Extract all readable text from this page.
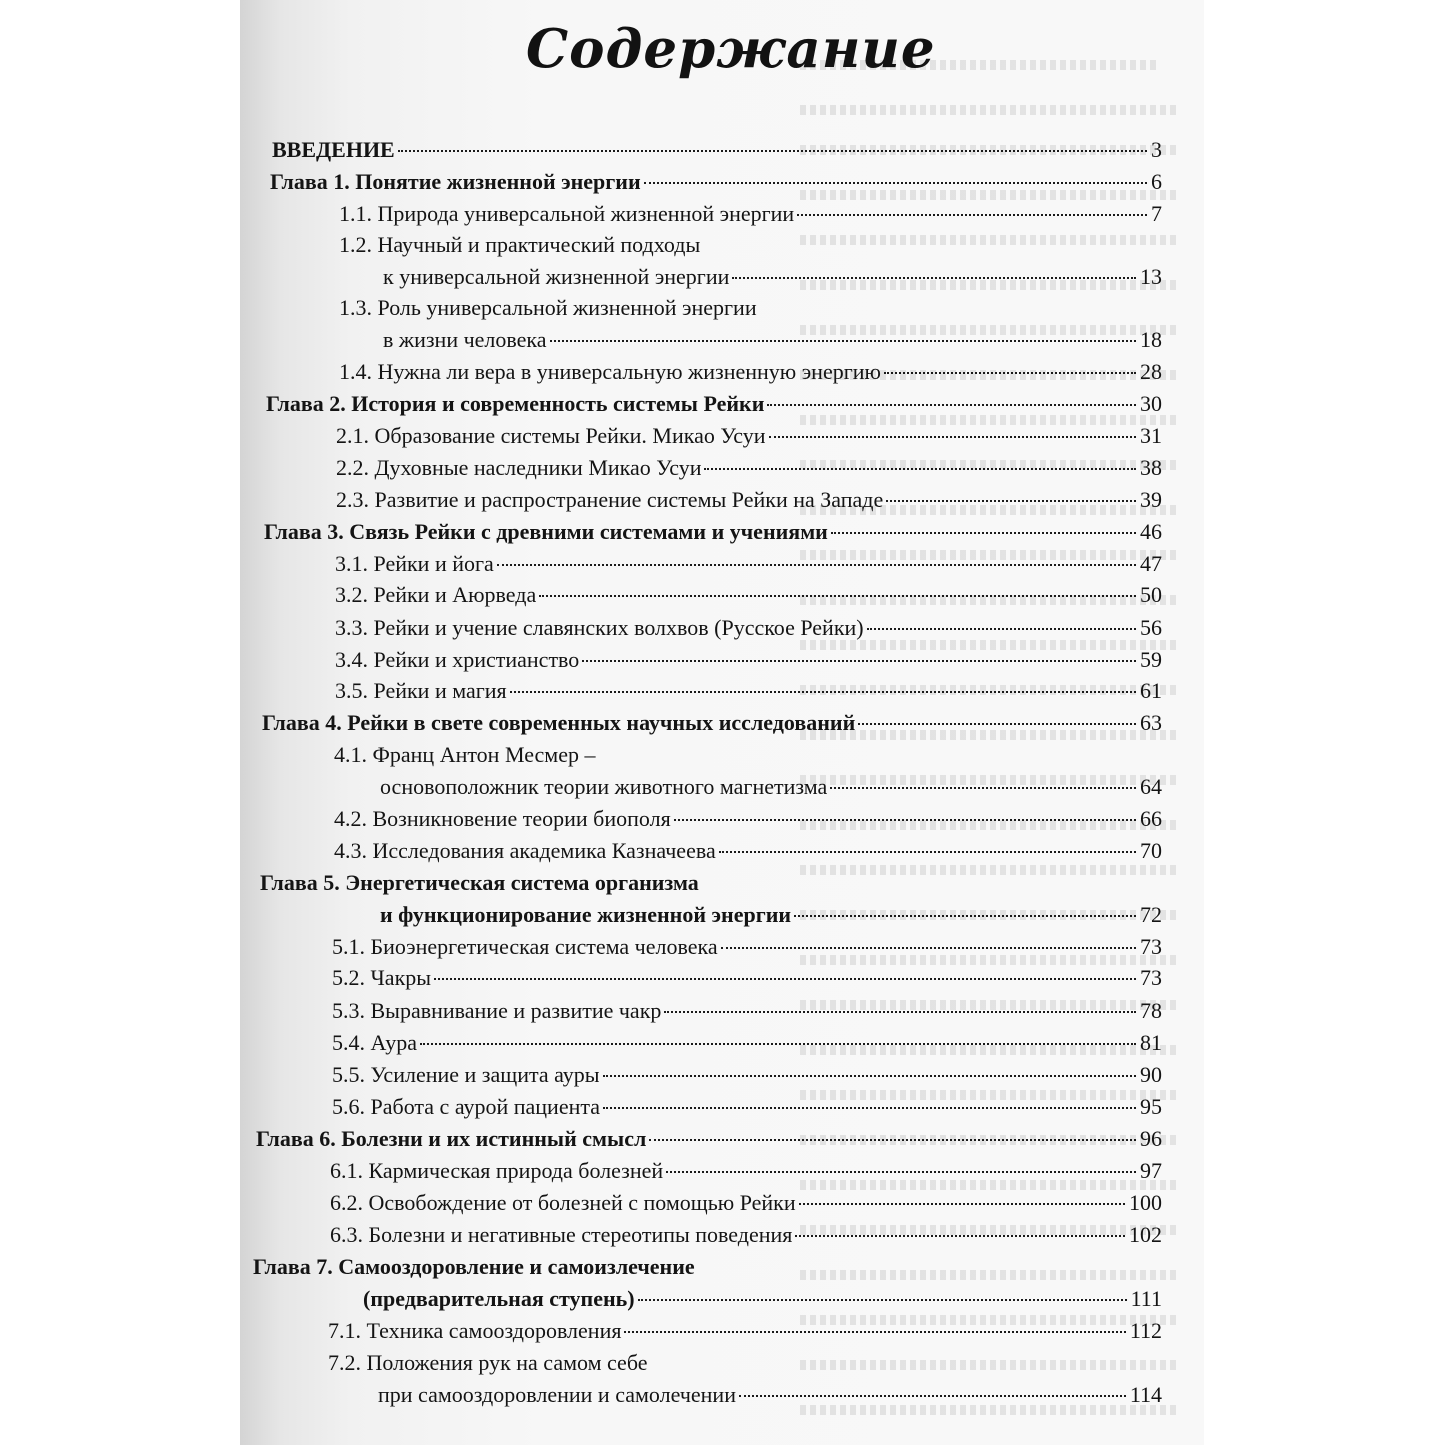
Содержание
ВВЕДЕНИЕ	3
Глава 1. Понятие жизненной энергии	6
1.1. Природа универсальной жизненной энергии	7
1.2. Научный и практический подходы
к универсальной жизненной энергии	13
1.3. Роль универсальной жизненной энергии
в жизни человека	18
1.4. Нужна ли вера в универсальную жизненную энергию	28
Глава 2. История и современность системы Рейки	30
2.1. Образование системы Рейки. Микао Усуи	31
2.2. Духовные наследники Микао Усуи	38
2.3. Развитие и распространение системы Рейки на Западе	39
Глава 3. Связь Рейки с древними системами и учениями	46
3.1. Рейки и йога	47
3.2. Рейки и Аюрведа	50
3.3. Рейки и учение славянских волхвов (Русское Рейки)	56
3.4. Рейки и христианство	59
3.5. Рейки и магия	61
Глава 4. Рейки в свете современных научных исследований	63
4.1. Франц Антон Месмер –
основоположник теории животного магнетизма	64
4.2. Возникновение теории биополя	66
4.3. Исследования академика Казначеева	70
Глава 5. Энергетическая система организма
и функционирование жизненной энергии	72
5.1. Биоэнергетическая система человека	73
5.2. Чакры	73
5.3. Выравнивание и развитие чакр	78
5.4. Аура	81
5.5. Усиление и защита ауры	90
5.6. Работа с аурой пациента	95
Глава 6. Болезни и их истинный смысл	96
6.1. Кармическая природа болезней	97
6.2. Освобождение от болезней с помощью Рейки	100
6.3. Болезни и негативные стереотипы поведения	102
Глава 7. Самооздоровление и самоизлечение
(предварительная ступень)	111
7.1. Техника самооздоровления	112
7.2. Положения рук на самом себе
при самооздоровлении и самолечении	114
